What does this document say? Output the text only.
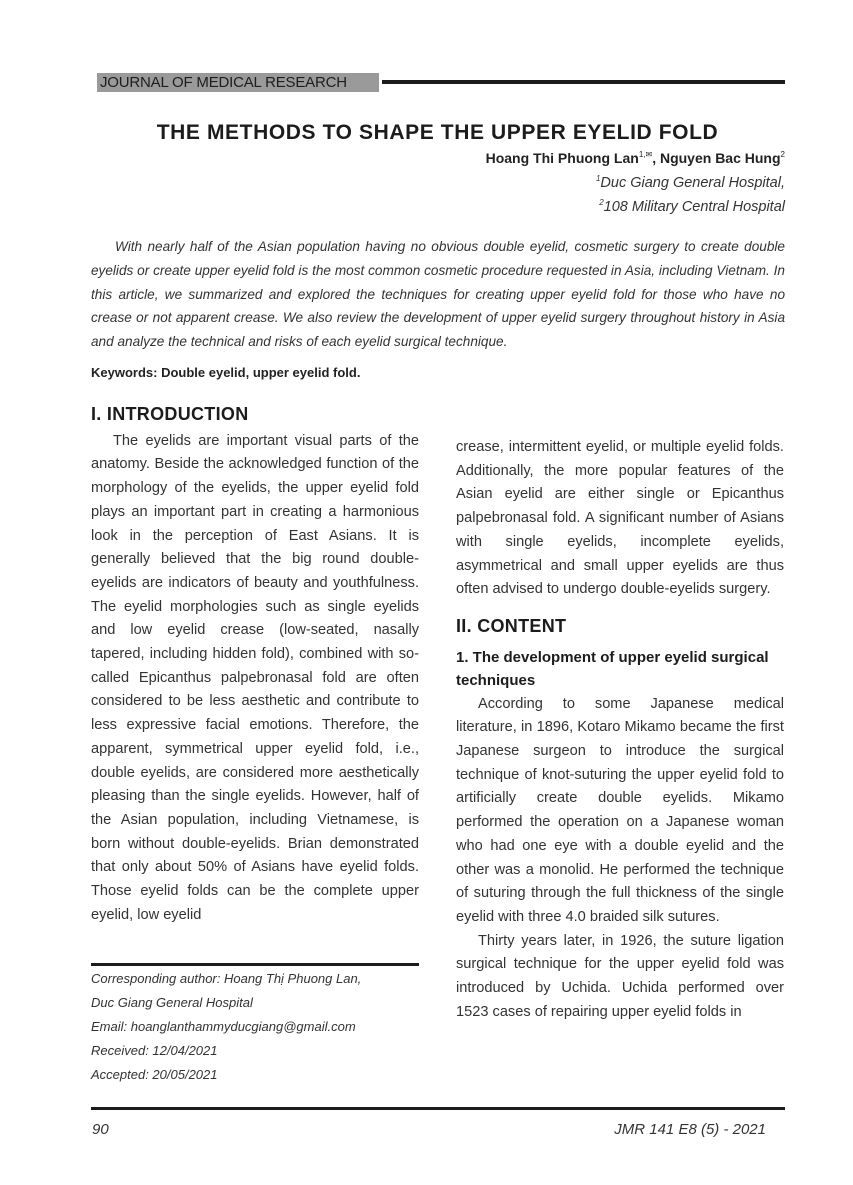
JOURNAL OF MEDICAL RESEARCH
THE METHODS TO SHAPE THE UPPER EYELID FOLD
Hoang Thi Phuong Lan$^{1,✉}$, Nguyen Bac Hung$^2$
$^1$Duc Giang General Hospital,
$^2$108 Military Central Hospital
With nearly half of the Asian population having no obvious double eyelid, cosmetic surgery to create double eyelids or create upper eyelid fold is the most common cosmetic procedure requested in Asia, including Vietnam. In this article, we summarized and explored the techniques for creating upper eyelid fold for those who have no crease or not apparent crease. We also review the development of upper eyelid surgery throughout history in Asia and analyze the technical and risks of each eyelid surgical technique.
Keywords: Double eyelid, upper eyelid fold.
I. INTRODUCTION

The eyelids are important visual parts of the anatomy. Beside the acknowledged function of the morphology of the eyelids, the upper eyelid fold plays an important part in creating a harmonious look in the perception of East Asians. It is generally believed that the big round double-eyelids are indicators of beauty and youthfulness. The eyelid morphologies such as single eyelids and low eyelid crease (low-seated, nasally tapered, including hidden fold), combined with so-called Epicanthus palpebronasal fold are often considered to be less aesthetic and contribute to less expressive facial emotions. Therefore, the apparent, symmetrical upper eyelid fold, i.e., double eyelids, are considered more aesthetically pleasing than the single eyelids. However, half of the Asian population, including Vietnamese, is born without double-eyelids. Brian demonstrated that only about 50% of Asians have eyelid folds. Those eyelid folds can be the complete upper eyelid, low eyelid

Corresponding author: Hoang Thị Phuong Lan,
Duc Giang General Hospital
Email: hoanglanthammyducgiang@gmail.com
Received: 12/04/2021
Accepted: 20/05/2021

crease, intermittent eyelid, or multiple eyelid folds. Additionally, the more popular features of the Asian eyelid are either single or Epicanthus palpebronasal fold. A significant number of Asians with single eyelids, incomplete eyelids, asymmetrical and small upper eyelids are thus often advised to undergo double-eyelids surgery.

II. CONTENT
1. The development of upper eyelid surgical techniques

According to some Japanese medical literature, in 1896, Kotaro Mikamo became the first Japanese surgeon to introduce the surgical technique of knot-suturing the upper eyelid fold to artificially create double eyelids. Mikamo performed the operation on a Japanese woman who had one eye with a double eyelid and the other was a monolid. He performed the technique of suturing through the full thickness of the single eyelid with three 4.0 braided silk sutures.

Thirty years later, in 1926, the suture ligation surgical technique for the upper eyelid fold was introduced by Uchida. Uchida performed over 1523 cases of repairing upper eyelid folds in

90	JMR 141 E8 (5) - 2021
